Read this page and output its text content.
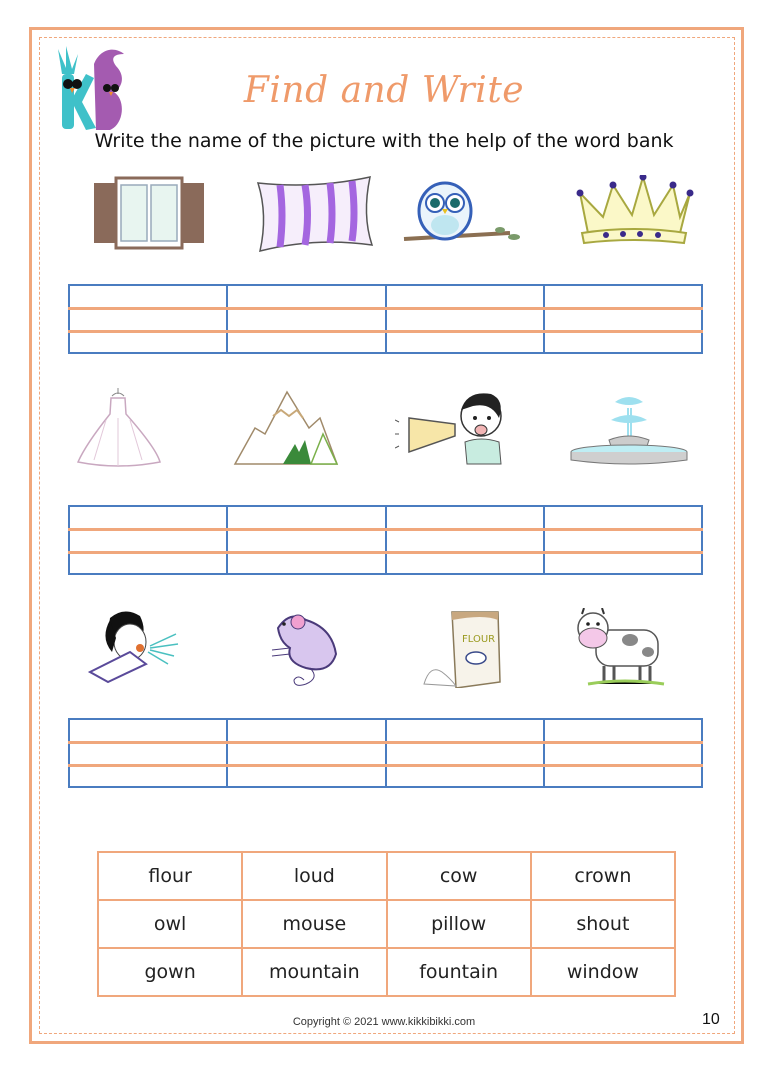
Find and Write
Write the name of the picture with the help of the word bank
FLOUR
flour	loud	cow	crown
owl	mouse	pillow	shout
gown	mountain	fountain	window
Copyright © 2021 www.kikkibikki.com	10
